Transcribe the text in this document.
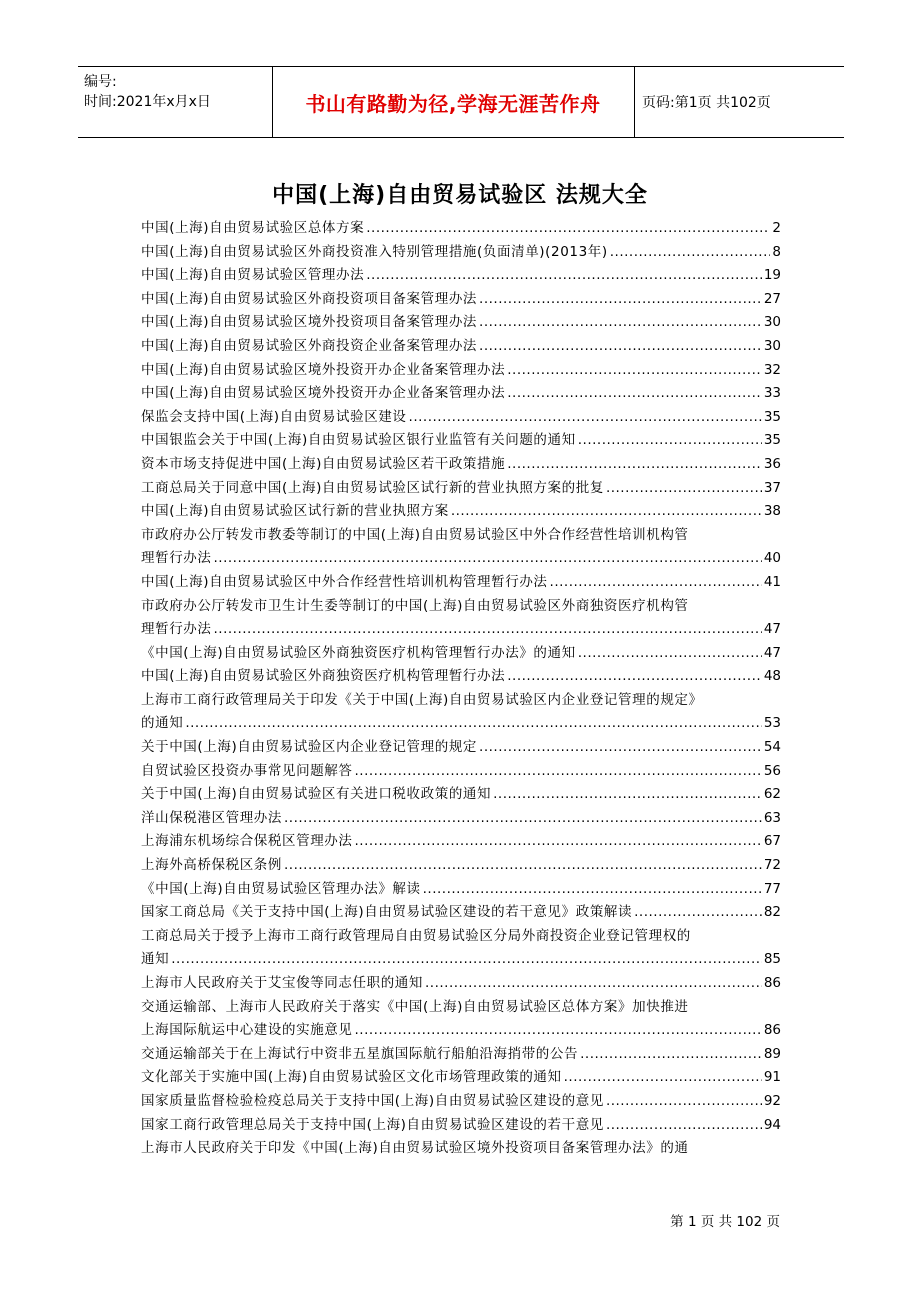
编号:
时间:2021年x月x日	书山有路勤为径,学海无涯苦作舟	页码:第1页 共102页
中国(上海)自由贸易试验区 法规大全
中国(上海)自由贸易试验区总体方案 .....	2
中国(上海)自由贸易试验区外商投资准入特别管理措施(负面清单)(2013年) .....	8
中国(上海)自由贸易试验区管理办法 .....	19
中国(上海)自由贸易试验区外商投资项目备案管理办法 .....	27
中国(上海)自由贸易试验区境外投资项目备案管理办法 .....	30
中国(上海)自由贸易试验区外商投资企业备案管理办法 .....	30
中国(上海)自由贸易试验区境外投资开办企业备案管理办法 .....	32
中国(上海)自由贸易试验区境外投资开办企业备案管理办法 .....	33
保监会支持中国(上海)自由贸易试验区建设 .....	35
中国银监会关于中国(上海)自由贸易试验区银行业监管有关问题的通知 .....	35
资本市场支持促进中国(上海)自由贸易试验区若干政策措施 .....	36
工商总局关于同意中国(上海)自由贸易试验区试行新的营业执照方案的批复 .....	37
中国(上海)自由贸易试验区试行新的营业执照方案 .....	38
市政府办公厅转发市教委等制订的中国(上海)自由贸易试验区中外合作经营性培训机构管
理暂行办法 .....	40
中国(上海)自由贸易试验区中外合作经营性培训机构管理暂行办法 .....	41
市政府办公厅转发市卫生计生委等制订的中国(上海)自由贸易试验区外商独资医疗机构管
理暂行办法 .....	47
《中国(上海)自由贸易试验区外商独资医疗机构管理暂行办法》的通知 .....	47
中国(上海)自由贸易试验区外商独资医疗机构管理暂行办法 .....	48
上海市工商行政管理局关于印发《关于中国(上海)自由贸易试验区内企业登记管理的规定》
的通知 .....	53
关于中国(上海)自由贸易试验区内企业登记管理的规定 .....	54
自贸试验区投资办事常见问题解答 .....	56
关于中国(上海)自由贸易试验区有关进口税收政策的通知 .....	62
洋山保税港区管理办法 .....	63
上海浦东机场综合保税区管理办法 .....	67
上海外高桥保税区条例 .....	72
《中国(上海)自由贸易试验区管理办法》解读 .....	77
国家工商总局《关于支持中国(上海)自由贸易试验区建设的若干意见》政策解读 .....	82
工商总局关于授予上海市工商行政管理局自由贸易试验区分局外商投资企业登记管理权的
通知 .....	85
上海市人民政府关于艾宝俊等同志任职的通知 .....	86
交通运输部、上海市人民政府关于落实《中国(上海)自由贸易试验区总体方案》加快推进
上海国际航运中心建设的实施意见 .....	86
交通运输部关于在上海试行中资非五星旗国际航行船舶沿海捎带的公告 .....	89
文化部关于实施中国(上海)自由贸易试验区文化市场管理政策的通知 .....	91
国家质量监督检验检疫总局关于支持中国(上海)自由贸易试验区建设的意见 .....	92
国家工商行政管理总局关于支持中国(上海)自由贸易试验区建设的若干意见 .....	94
上海市人民政府关于印发《中国(上海)自由贸易试验区境外投资项目备案管理办法》的通
第 1 页 共 102 页
